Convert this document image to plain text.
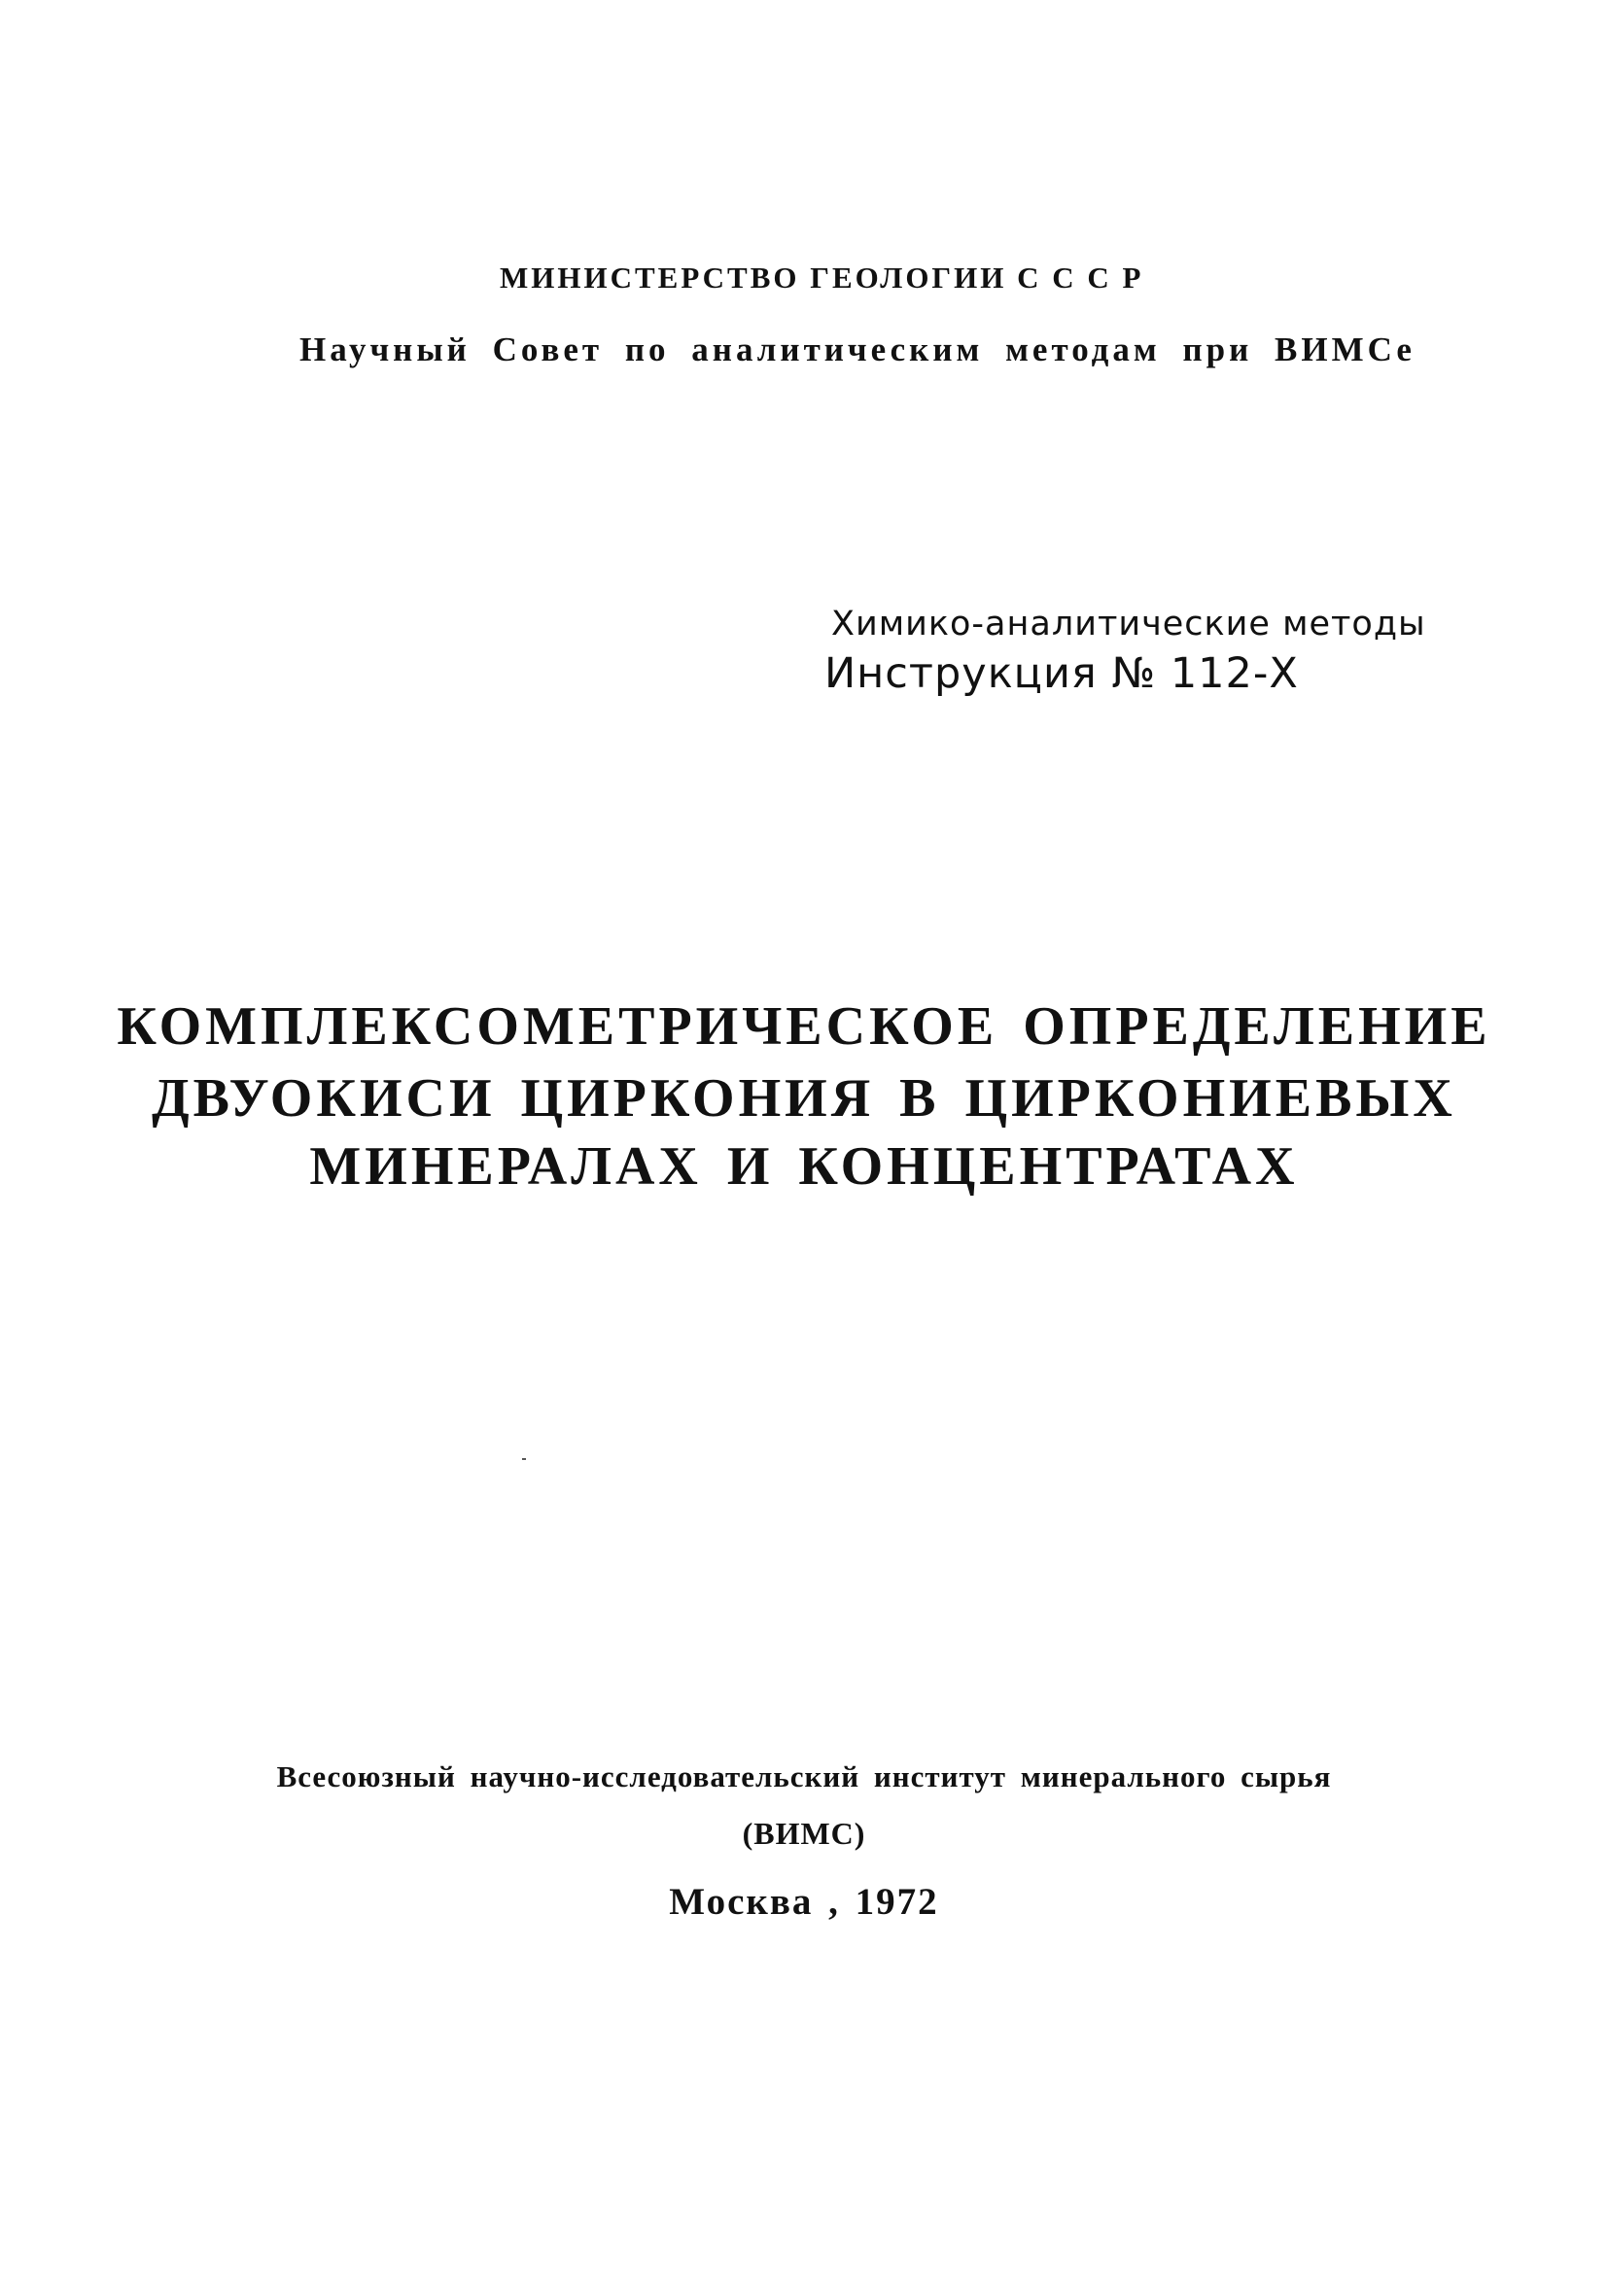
МИНИСТЕРСТВО ГЕОЛОГИИ С С С Р

Научный Совет по аналитическим методам при ВИМСе

Химико-аналитические методы

Инструкция № 112-Х

КОМПЛЕКСОМЕТРИЧЕСКОЕ ОПРЕДЕЛЕНИЕ

ДВУОКИСИ ЦИРКОНИЯ В ЦИРКОНИЕВЫХ

МИНЕРАЛАХ И КОНЦЕНТРАТАХ

Всесоюзный научно-исследовательский институт минерального сырья

(ВИМС)

Москва , 1972
